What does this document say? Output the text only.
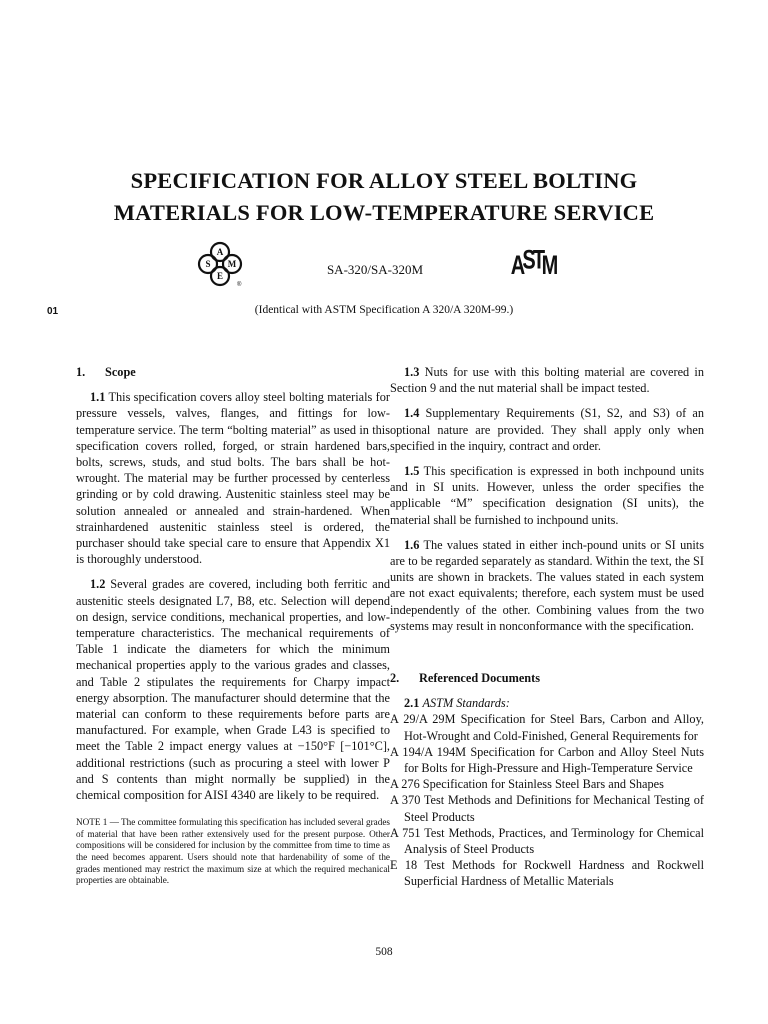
SPECIFICATION FOR ALLOY STEEL BOLTING
MATERIALS FOR LOW-TEMPERATURE SERVICE
A
S M
E
®
A
S
T
M
SA-320/SA-320M
01	(Identical with ASTM Specification A 320/A 320M-99.)
1. Scope

1.1 This specification covers alloy steel bolting materials for pressure vessels, valves, flanges, and fittings for low-temperature service. The term “bolting material” as used in this specification covers rolled, forged, or strain hardened bars, bolts, screws, studs, and stud bolts. The bars shall be hot-wrought. The material may be further processed by centerless grinding or by cold drawing. Austenitic stainless steel may be solution annealed or annealed and strain-hardened. When strainhardened austenitic stainless steel is ordered, the purchaser should take special care to ensure that Appendix X1 is thoroughly understood.

1.2 Several grades are covered, including both ferritic and austenitic steels designated L7, B8, etc. Selection will depend on design, service conditions, mechanical properties, and low-temperature characteristics. The mechanical requirements of Table 1 indicate the diameters for which the minimum mechanical properties apply to the various grades and classes, and Table 2 stipulates the requirements for Charpy impact energy absorption. The manufacturer should determine that the material can conform to these requirements before parts are manufactured. For example, when Grade L43 is specified to meet the Table 2 impact energy values at −150°F [−101°C], additional restrictions (such as procuring a steel with lower P and S contents than might normally be supplied) in the chemical composition for AISI 4340 are likely to be required.

NOTE 1 — The committee formulating this specification has included several grades of material that have been rather extensively used for the present purpose. Other compositions will be considered for inclusion by the committee from time to time as the need becomes apparent. Users should note that hardenability of some of the grades mentioned may restrict the maximum size at which the required mechanical properties are obtainable.

1.3 Nuts for use with this bolting material are covered in Section 9 and the nut material shall be impact tested.

1.4 Supplementary Requirements (S1, S2, and S3) of an optional nature are provided. They shall apply only when specified in the inquiry, contract and order.

1.5 This specification is expressed in both inchpound units and in SI units. However, unless the order specifies the applicable “M” specification designation (SI units), the material shall be furnished to inchpound units.

1.6 The values stated in either inch-pound units or SI units are to be regarded separately as standard. Within the text, the SI units are shown in brackets. The values stated in each system are not exact equivalents; therefore, each system must be used independently of the other. Combining values from the two systems may result in nonconformance with the specification.

2. Referenced Documents

2.1 ASTM Standards:

A 29/A 29M Specification for Steel Bars, Carbon and Alloy, Hot-Wrought and Cold-Finished, General Requirements for
A 194/A 194M Specification for Carbon and Alloy Steel Nuts for Bolts for High-Pressure and High-Temperature Service
A 276 Specification for Stainless Steel Bars and Shapes
A 370 Test Methods and Definitions for Mechanical Testing of Steel Products
A 751 Test Methods, Practices, and Terminology for Chemical Analysis of Steel Products
E 18 Test Methods for Rockwell Hardness and Rockwell Superficial Hardness of Metallic Materials
508
